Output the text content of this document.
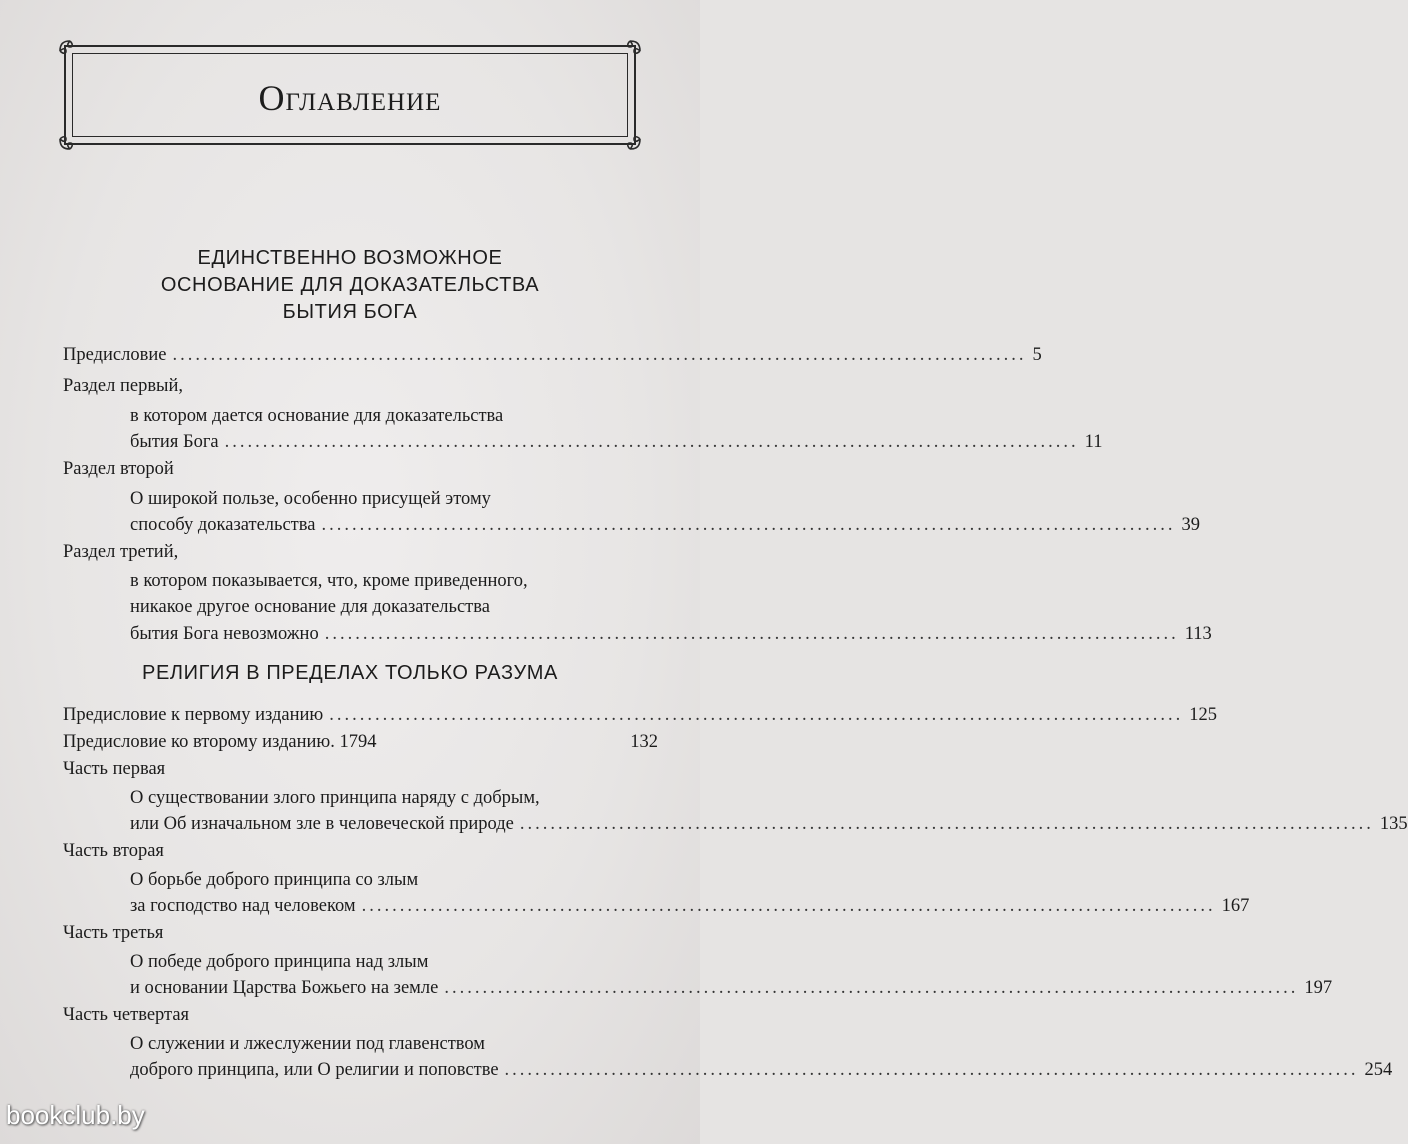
Оглавление
ЕДИНСТВЕННО ВОЗМОЖНОЕ
ОСНОВАНИЕ ДЛЯ ДОКАЗАТЕЛЬСТВА
БЫТИЯ БОГА
РЕЛИГИЯ В ПРЕДЕЛАХ ТОЛЬКО РАЗУМА
Предисловие ................................................................................................................ 5
Раздел первый,
в котором дается основание для доказательства
бытия Бога ................................................................................................................ 11
Раздел второй
О широкой пользе, особенно присущей этому
способу доказательства ................................................................................................................ 39
Раздел третий,
в котором показывается, что, кроме приведенного,
никакое другое основание для доказательства
бытия Бога невозможно ................................................................................................................ 113
Предисловие к первому изданию ................................................................................................................ 125
Предисловие ко второму изданию. 1794	132
Часть первая
О существовании злого принципа наряду с добрым,
или Об изначальном зле в человеческой природе ................................................................................................................ 135
Часть вторая
О борьбе доброго принципа со злым
за господство над человеком ................................................................................................................ 167
Часть третья
О победе доброго принципа над злым
и основании Царства Божьего на земле ................................................................................................................ 197
Часть четвертая
О служении и лжеслужении под главенством
доброго принципа, или О религии и поповстве ................................................................................................................ 254
bookclub.by
